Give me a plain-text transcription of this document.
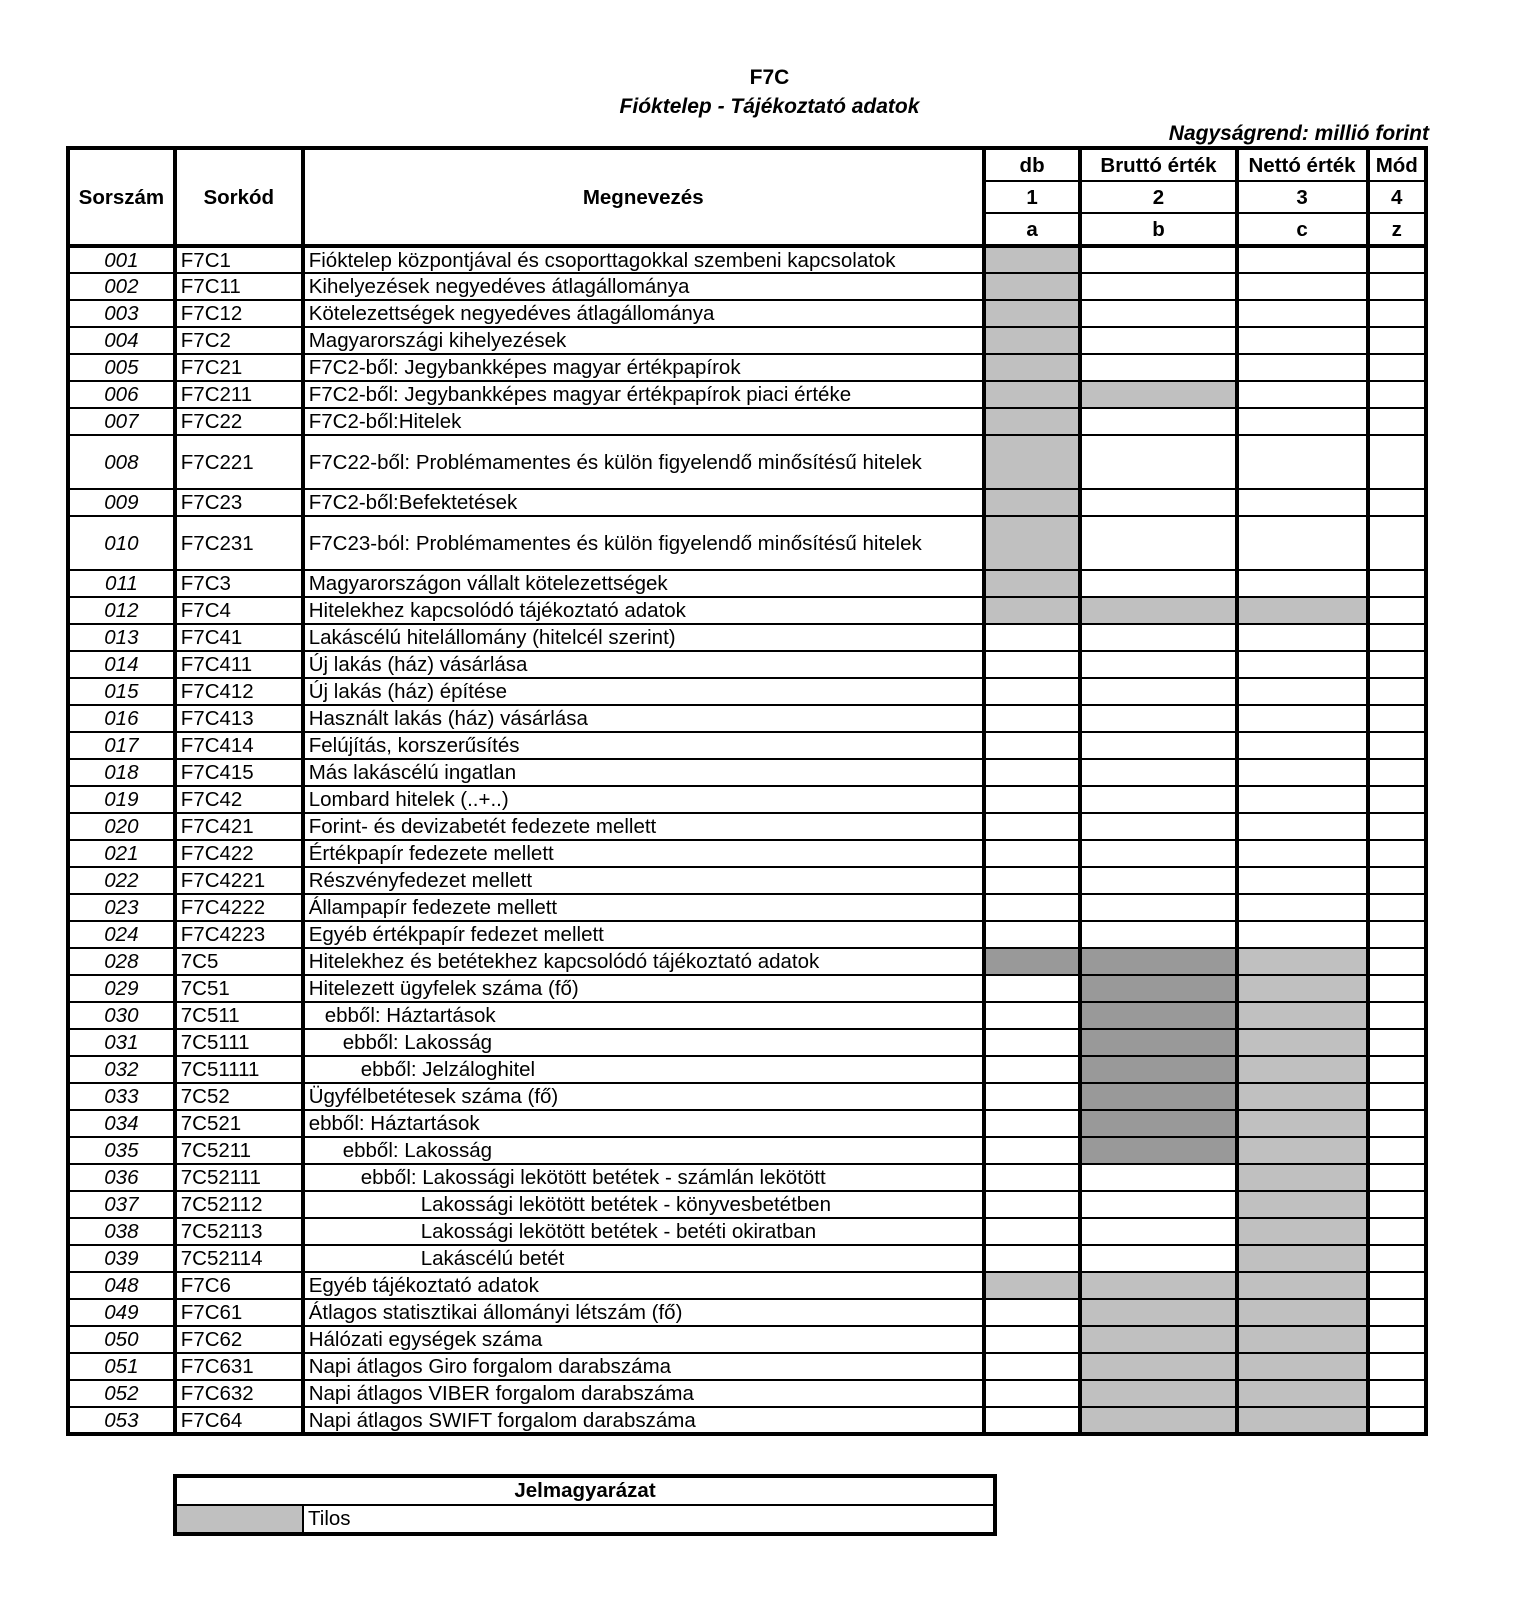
F7C
Fióktelep - Tájékoztató adatok
Nagyságrend: millió forint
Sorszám	Sorkód	Megnevezés	db	Bruttó érték	Nettó érték	Mód
			1	2	3	4
			a	b	c	z
001	F7C1	Fióktelep központjával és csoporttagokkal szembeni kapcsolatok				
002	F7C11	Kihelyezések negyedéves átlagállománya				
003	F7C12	Kötelezettségek negyedéves átlagállománya				
004	F7C2	Magyarországi kihelyezések				
005	F7C21	F7C2-ből: Jegybankképes magyar értékpapírok				
006	F7C211	F7C2-ből: Jegybankképes magyar értékpapírok piaci értéke				
007	F7C22	F7C2-ből:Hitelek				
008	F7C221	F7C22-ből: Problémamentes és külön figyelendő minősítésű hitelek				
009	F7C23	F7C2-ből:Befektetések				
010	F7C231	F7C23-ból: Problémamentes és külön figyelendő minősítésű hitelek				
011	F7C3	Magyarországon vállalt kötelezettségek				
012	F7C4	Hitelekhez kapcsolódó tájékoztató adatok				
013	F7C41	Lakáscélú hitelállomány (hitelcél szerint)				
014	F7C411	Új lakás (ház) vásárlása				
015	F7C412	Új lakás (ház) építése				
016	F7C413	Használt lakás (ház) vásárlása				
017	F7C414	Felújítás, korszerűsítés				
018	F7C415	Más lakáscélú ingatlan				
019	F7C42	Lombard hitelek (..+..)				
020	F7C421	Forint- és devizabetét fedezete mellett				
021	F7C422	Értékpapír fedezete mellett				
022	F7C4221	Részvényfedezet mellett				
023	F7C4222	Állampapír fedezete mellett				
024	F7C4223	Egyéb értékpapír fedezet mellett				
028	7C5	Hitelekhez és betétekhez kapcsolódó tájékoztató adatok				
029	7C51	Hitelezett ügyfelek száma (fő)				
030	7C511	ebből: Háztartások				
031	7C5111	ebből: Lakosság				
032	7C51111	ebből: Jelzáloghitel				
033	7C52	Ügyfélbetétesek száma (fő)				
034	7C521	ebből: Háztartások				
035	7C5211	ebből: Lakosság				
036	7C52111	ebből: Lakossági lekötött betétek - számlán lekötött				
037	7C52112	Lakossági lekötött betétek - könyvesbetétben				
038	7C52113	Lakossági lekötött betétek - betéti okiratban				
039	7C52114	Lakáscélú betét				
048	F7C6	Egyéb tájékoztató adatok				
049	F7C61	Átlagos statisztikai állományi létszám (fő)				
050	F7C62	Hálózati egységek száma				
051	F7C631	Napi átlagos Giro forgalom darabszáma				
052	F7C632	Napi átlagos VIBER forgalom darabszáma				
053	F7C64	Napi átlagos SWIFT forgalom darabszáma				
Jelmagyarázat
	Tilos
